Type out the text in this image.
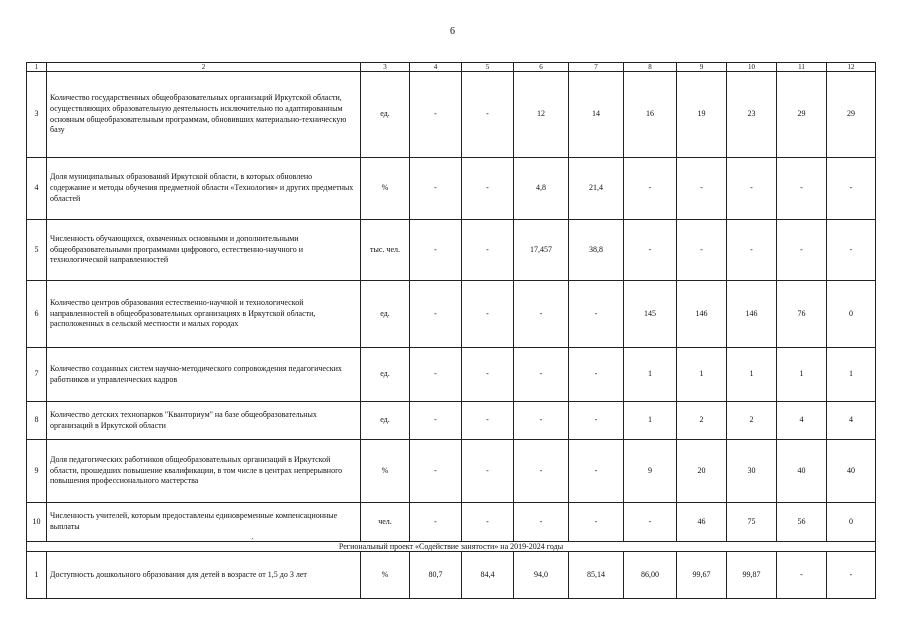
6
ˊ
1	2	3	4	5	6	7	8	9	10	11	12
3	Количество государственных общеобразовательных организаций Иркутской области, осуществляющих образовательную деятельность исключительно по адаптированным основным общеобразовательным программам, обновивших материально-техническую базу	ед.	-	-	12	14	16	19	23	29	29
4	Доля муниципальных образований Иркутской области, в которых обновлено содержание и методы обучения предметной области «Технология» и других предметных областей	%	-	-	4,8	21,4	-	-	-	-	-
5	Численность обучающихся, охваченных основными и дополнительными общеобразовательными программами цифрового, естественно-научного и технологической направленностей	тыс. чел.	-	-	17,457	38,8	-	-	-	-	-
6	Количество центров образования естественно-научной и технологической направленностей в общеобразовательных организациях в Иркутской области, расположенных в сельской местности и малых городах	ед.	-	-	-	-	145	146	146	76	0
7	Количество созданных систем научно-методического сопровождения педагогических работников и управленческих кадров	ед.	-	-	-	-	1	1	1	1	1
8	Количество детских технопарков "Кванториум" на базе общеобразовательных организаций в Иркутской области	ед.	-	-	-	-	1	2	2	4	4
9	Доля педагогических работников общеобразовательных организаций в Иркутской области, прошедших повышение квалификации, в том числе в центрах непрерывного повышения профессионального мастерства	%	-	-	-	-	9	20	30	40	40
10	Численность учителей, которым предоставлены единовременные компенсационные выплаты	чел.	-	-	-	-	-	46	75	56	0
Региональный проект «Содействие занятости» на 2019-2024 годы											
1	Доступность дошкольного образования для детей в возрасте от 1,5 до 3 лет	%	80,7	84,4	94,0	85,14	86,00	99,67	99,87	-	-
